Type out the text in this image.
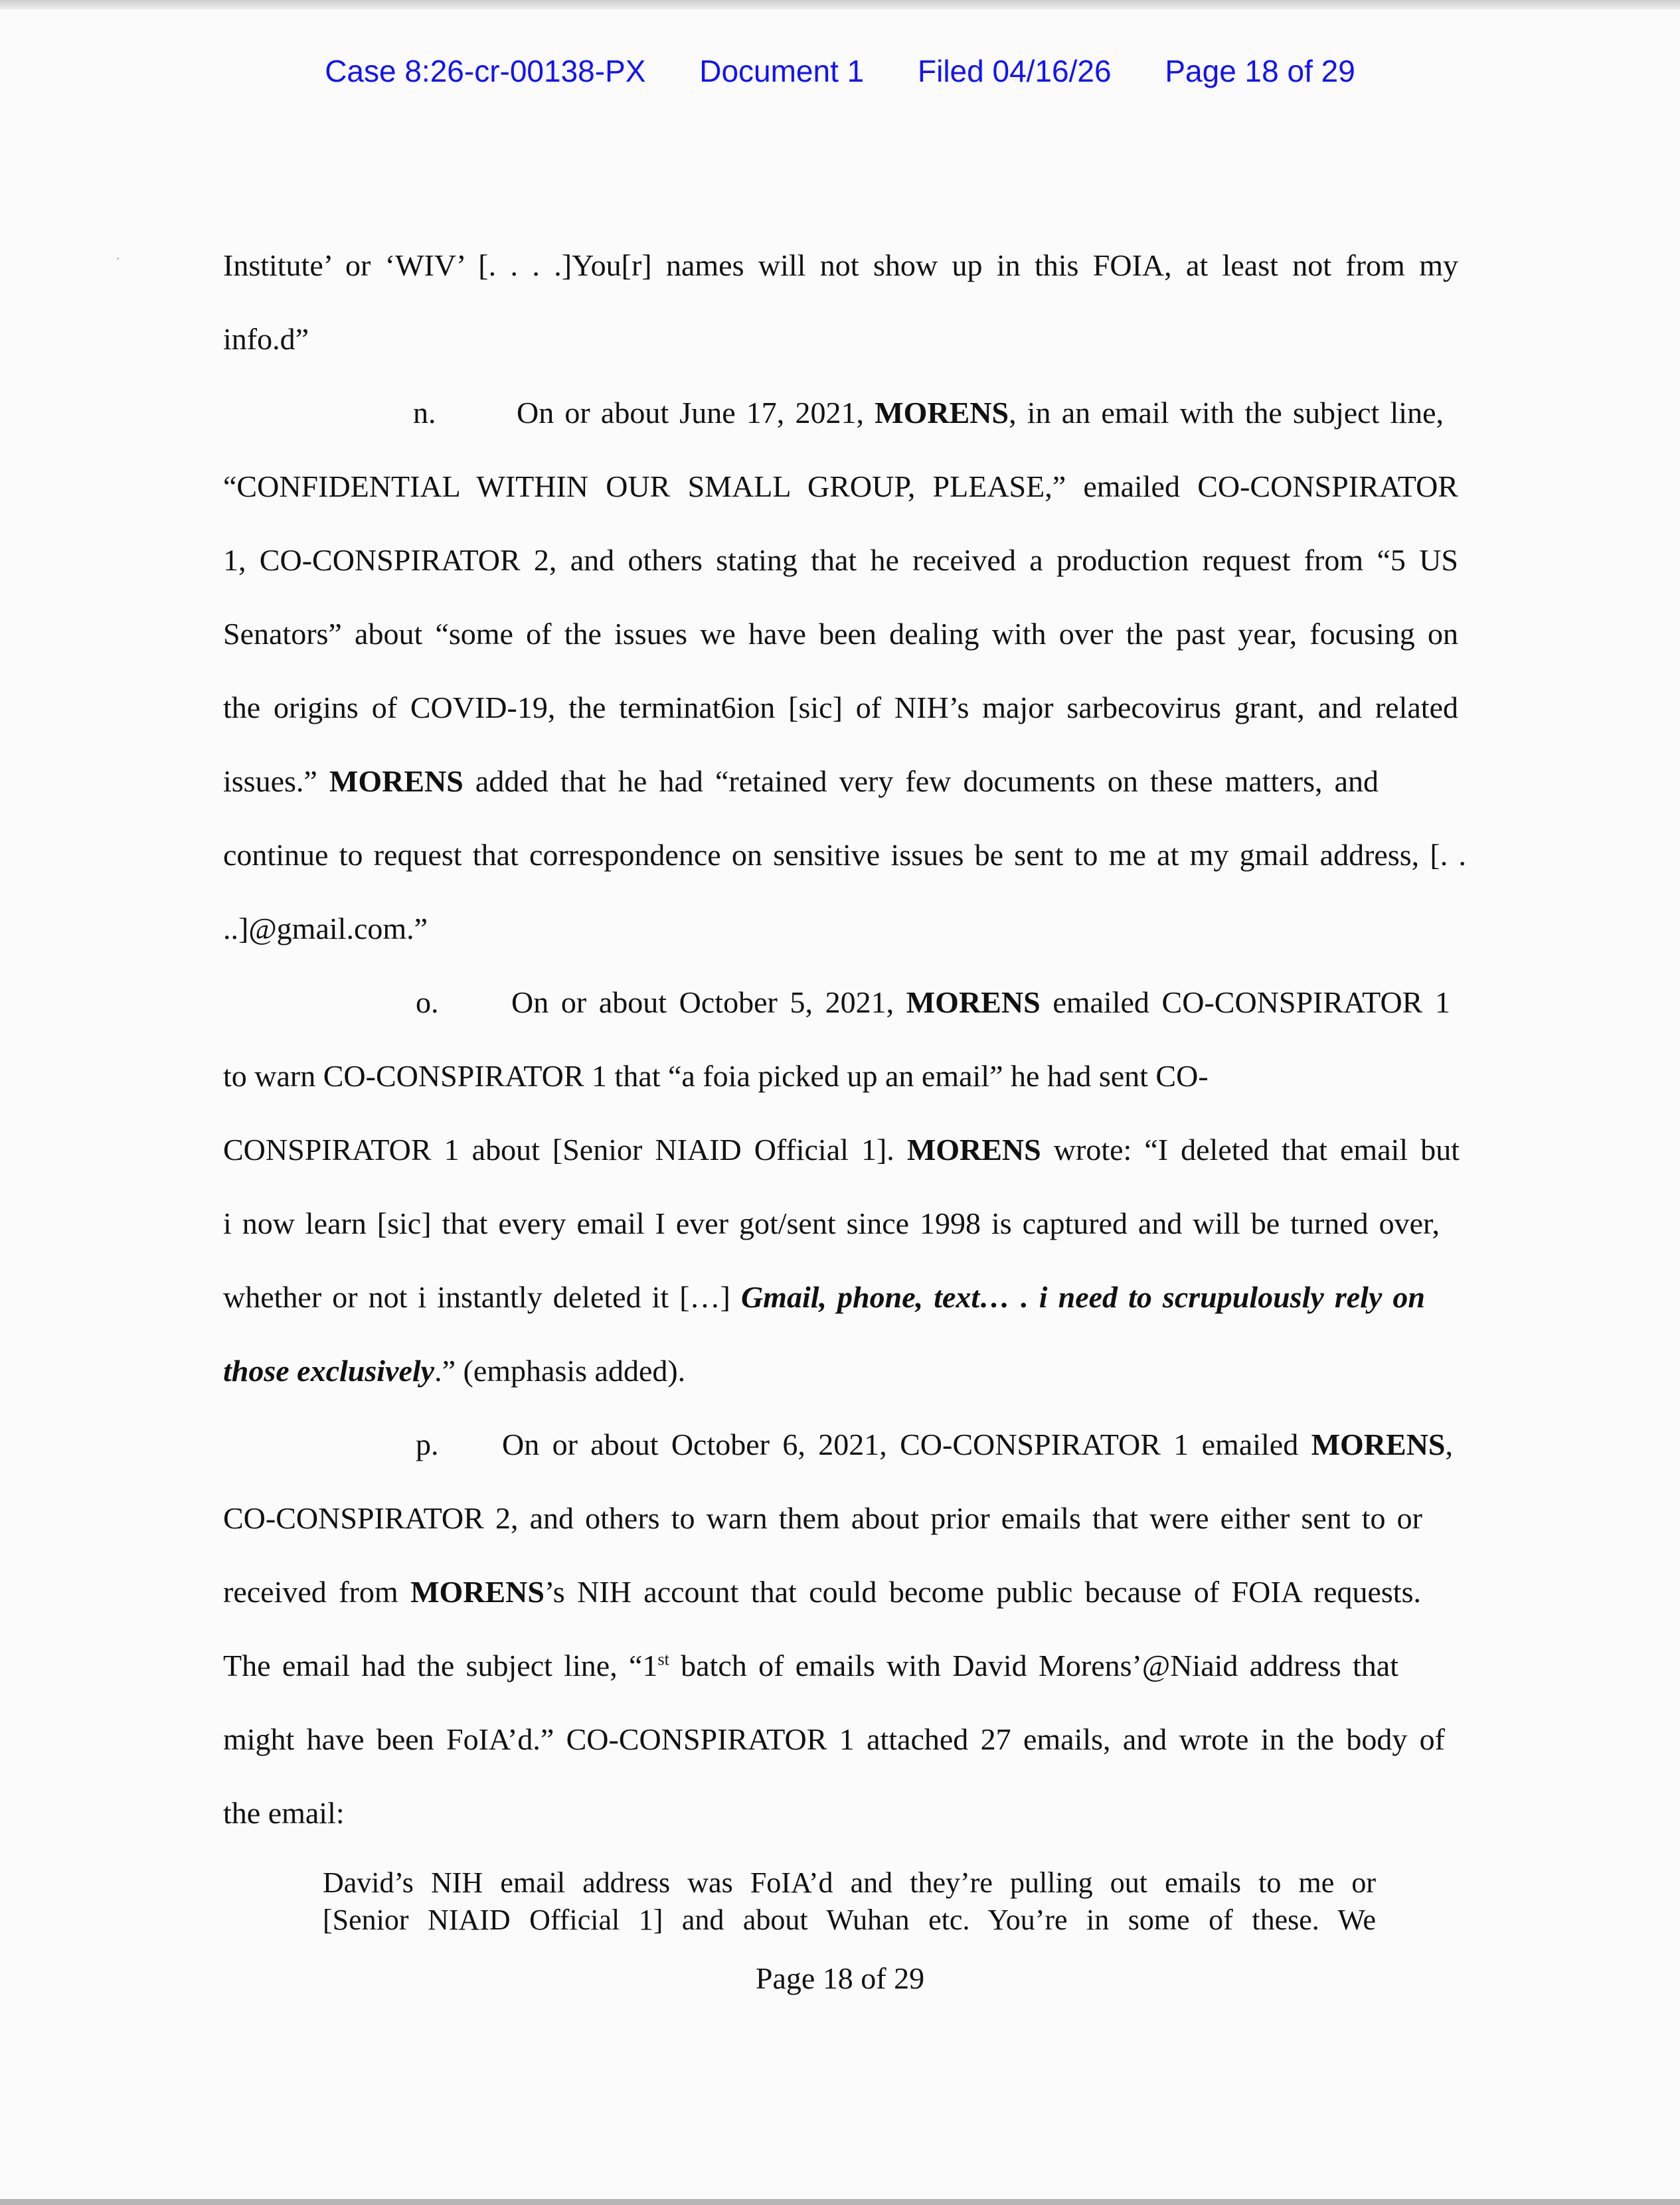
Case 8:26-cr-00138-PX Document 1 Filed 04/16/26 Page 18 of 29
Institute’ or ‘WIV’ [. . . .]You[r] names will not show up in this FOIA, at least not from my
info.d”
n.	On or about June 17, 2021, MORENS, in an email with the subject line,
“CONFIDENTIAL WITHIN OUR SMALL GROUP, PLEASE,” emailed CO-CONSPIRATOR
1, CO-CONSPIRATOR 2, and others stating that he received a production request from “5 US
Senators” about “some of the issues we have been dealing with over the past year, focusing on
the origins of COVID-19, the terminat6ion [sic] of NIH’s major sarbecovirus grant, and related
issues.” MORENS added that he had “retained very few documents on these matters, and
continue to request that correspondence on sensitive issues be sent to me at my gmail address, [. .
..]@gmail.com.”
o. On or about October 5, 2021, MORENS emailed CO-CONSPIRATOR 1
to warn CO-CONSPIRATOR 1 that “a foia picked up an email” he had sent CO-
CONSPIRATOR 1 about [Senior NIAID Official 1]. MORENS wrote: “I deleted that email but
i now learn [sic] that every email I ever got/sent since 1998 is captured and will be turned over,
whether or not i instantly deleted it […] Gmail, phone, text… . i need to scrupulously rely on
those exclusively.” (emphasis added).
p. On or about October 6, 2021, CO-CONSPIRATOR 1 emailed MORENS,
CO-CONSPIRATOR 2, and others to warn them about prior emails that were either sent to or
received from MORENS’s NIH account that could become public because of FOIA requests.
The email had the subject line, “1st batch of emails with David Morens’@Niaid address that
might have been FoIA’d.” CO-CONSPIRATOR 1 attached 27 emails, and wrote in the body of
the email:
David’s NIH email address was FoIA’d and they’re pulling out emails to me or
[Senior NIAID Official 1] and about Wuhan etc. You’re in some of these. We
Page 18 of 29
